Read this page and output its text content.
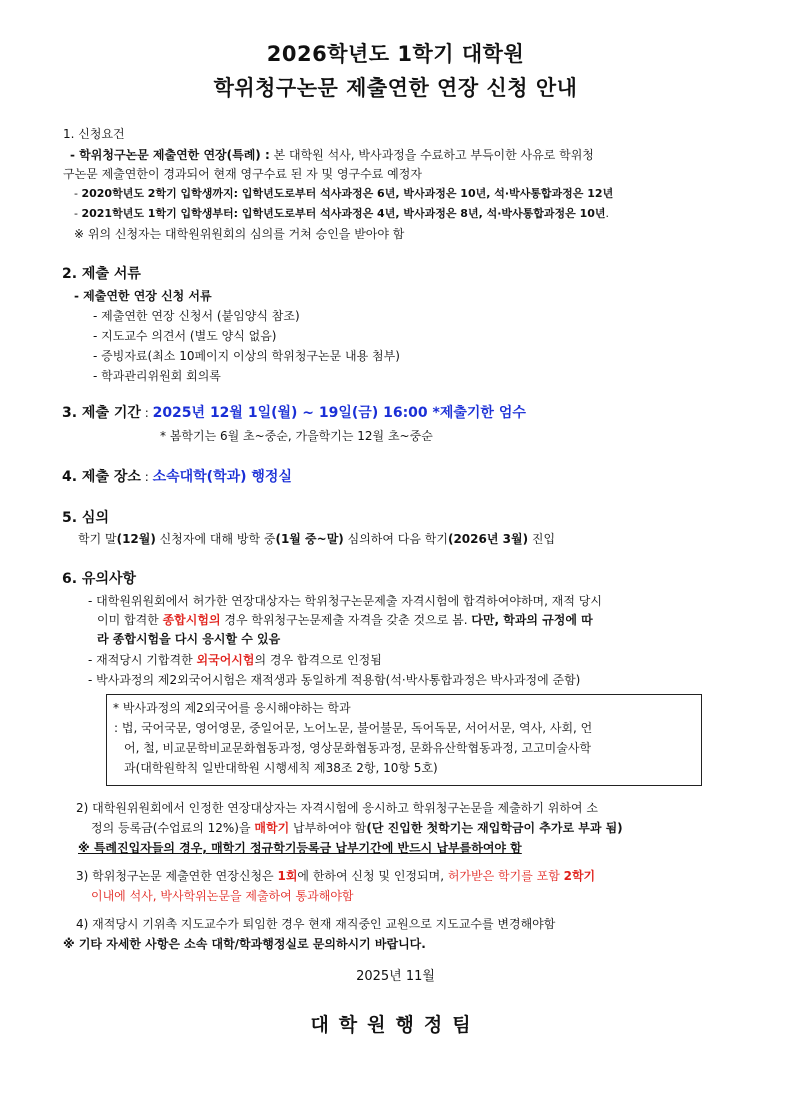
2026학년도 1학기 대학원
학위청구논문 제출연한 연장 신청 안내
1. 신청요건
- 학위청구논문 제출연한 연장(특례) : 본 대학원 석사, 박사과정을 수료하고 부득이한 사유로 학위청
구논문 제출연한이 경과되어 현재 영구수료 된 자 및 영구수료 예정자
- 2020학년도 2학기 입학생까지: 입학년도로부터 석사과정은 6년, 박사과정은 10년, 석·박사통합과정은 12년
- 2021학년도 1학기 입학생부터: 입학년도로부터 석사과정은 4년, 박사과정은 8년, 석·박사통합과정은 10년.
※ 위의 신청자는 대학원위원회의 심의를 거쳐 승인을 받아야 함
2. 제출 서류
- 제출연한 연장 신청 서류
- 제출연한 연장 신청서 (붙임양식 참조)
- 지도교수 의견서 (별도 양식 없음)
- 증빙자료(최소 10페이지 이상의 학위청구논문 내용 첨부)
- 학과관리위원회 회의록
3. 제출 기간 : 2025년 12월 1일(월) ~ 19일(금) 16:00 *제출기한 엄수
* 봄학기는 6월 초~중순, 가을학기는 12월 초~중순
4. 제출 장소 : 소속대학(학과) 행정실
5. 심의
학기 말(12월) 신청자에 대해 방학 중(1월 중~말) 심의하여 다음 학기(2026년 3월) 진입
6. 유의사항
- 대학원위원회에서 허가한 연장대상자는 학위청구논문제출 자격시험에 합격하여야하며, 재적 당시
이미 합격한 종합시험의 경우 학위청구논문제출 자격을 갖춘 것으로 봄. 다만, 학과의 규정에 따
라 종합시험을 다시 응시할 수 있음
- 재적당시 기합격한 외국어시험의 경우 합격으로 인정됨
- 박사과정의 제2외국어시험은 재적생과 동일하게 적용함(석·박사통합과정은 박사과정에 준함)
* 박사과정의 제2외국어를 응시해야하는 학과
: 법, 국어국문, 영어영문, 중일어문, 노어노문, 불어불문, 독어독문, 서어서문, 역사, 사회, 언
어, 철, 비교문학비교문화협동과정, 영상문화협동과정, 문화유산학협동과정, 고고미술사학
과(대학원학칙 일반대학원 시행세칙 제38조 2항, 10항 5호)
2) 대학원위원회에서 인정한 연장대상자는 자격시험에 응시하고 학위청구논문을 제출하기 위하여 소
정의 등록금(수업료의 12%)을 매학기 납부하여야 함(단 진입한 첫학기는 재입학금이 추가로 부과 됨)
※ 특례진입자들의 경우, 매학기 정규학기등록금 납부기간에 반드시 납부를하여야 함
3) 학위청구논문 제출연한 연장신청은 1회에 한하여 신청 및 인정되며, 허가받은 학기를 포함 2학기
이내에 석사, 박사학위논문을 제출하여 통과해야함
4) 재적당시 기위촉 지도교수가 퇴임한 경우 현재 재직중인 교원으로 지도교수를 변경해야함
※ 기타 자세한 사항은 소속 대학/학과행정실로 문의하시기 바랍니다.
2025년 11월
대학원행정팀
